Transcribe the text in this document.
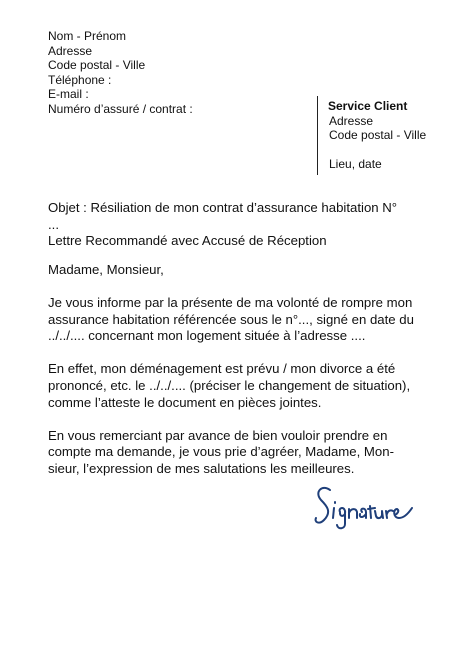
Nom - Prénom
Adresse
Code postal - Ville
Téléphone :
E-mail :
Numéro d’assuré / contrat :	Service Client
Adresse
Code postal - Ville
Lieu, date
Objet : Résiliation de mon contrat d’assurance habitation N°
...
Lettre Recommandé avec Accusé de Réception

Madame, Monsieur,

Je vous informe par la présente de ma volonté de rompre mon
assurance habitation référencée sous le n°..., signé en date du
../../.... concernant mon logement située à l’adresse ....

En effet, mon déménagement est prévu / mon divorce a été
prononcé, etc. le ../../.... (préciser le changement de situation),
comme l’atteste le document en pièces jointes.

En vous remerciant par avance de bien vouloir prendre en
compte ma demande, je vous prie d’agréer, Madame, Mon-
sieur, l’expression de mes salutations les meilleures.
